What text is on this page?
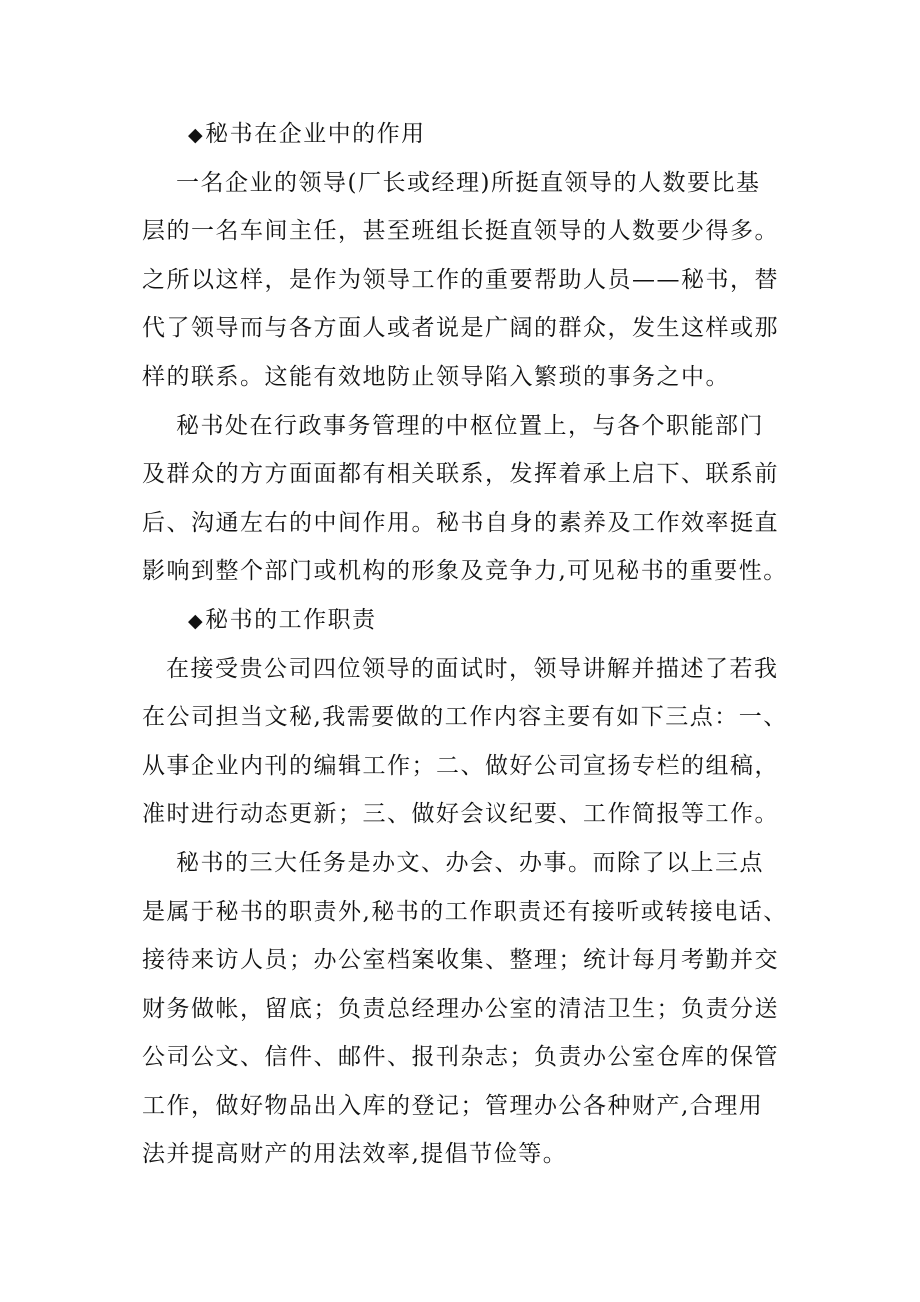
◆秘书在企业中的作用
一名企业的领导(厂长或经理)所挺直领导的人数要比基
层的一名车间主任，甚至班组长挺直领导的人数要少得多。
之所以这样，是作为领导工作的重要帮助人员——秘书，替
代了领导而与各方面人或者说是广阔的群众，发生这样或那
样的联系。这能有效地防止领导陷入繁琐的事务之中。
秘书处在行政事务管理的中枢位置上，与各个职能部门
及群众的方方面面都有相关联系，发挥着承上启下、联系前
后、沟通左右的中间作用。秘书自身的素养及工作效率挺直
影响到整个部门或机构的形象及竞争力,可见秘书的重要性。
◆秘书的工作职责
在接受贵公司四位领导的面试时，领导讲解并描述了若我
在公司担当文秘,我需要做的工作内容主要有如下三点：一、
从事企业内刊的编辑工作；二、做好公司宣扬专栏的组稿，
准时进行动态更新；三、做好会议纪要、工作简报等工作。
秘书的三大任务是办文、办会、办事。而除了以上三点
是属于秘书的职责外,秘书的工作职责还有接听或转接电话、
接待来访人员；办公室档案收集、整理；统计每月考勤并交
财务做帐，留底；负责总经理办公室的清洁卫生；负责分送
公司公文、信件、邮件、报刊杂志；负责办公室仓库的保管
工作，做好物品出入库的登记；管理办公各种财产,合理用
法并提高财产的用法效率,提倡节俭等。
